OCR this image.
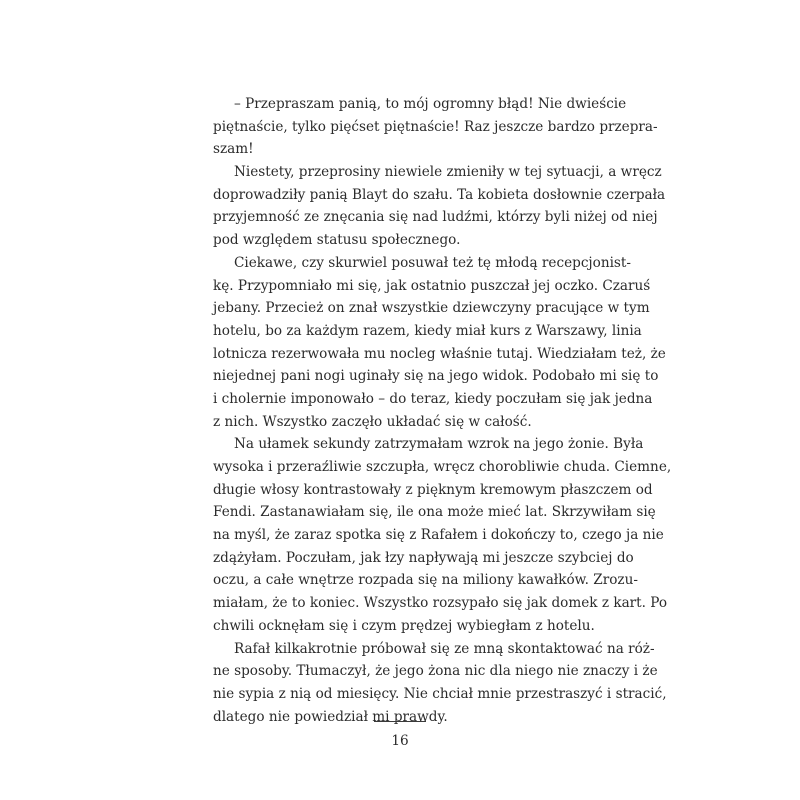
– Przepraszam panią, to mój ogromny błąd! Nie dwieście
piętnaście, tylko pięćset piętnaście! Raz jeszcze bardzo przepra-
szam!
Niestety, przeprosiny niewiele zmieniły w tej sytuacji, a wręcz
doprowadziły panią Blayt do szału. Ta kobieta dosłownie czerpała
przyjemność ze znęcania się nad ludźmi, którzy byli niżej od niej
pod względem statusu społecznego.
Ciekawe, czy skurwiel posuwał też tę młodą recepcjonist-
kę. Przypomniało mi się, jak ostatnio puszczał jej oczko. Czaruś
jebany. Przecież on znał wszystkie dziewczyny pracujące w tym
hotelu, bo za każdym razem, kiedy miał kurs z Warszawy, linia
lotnicza rezerwowała mu nocleg właśnie tutaj. Wiedziałam też, że
niejednej pani nogi uginały się na jego widok. Podobało mi się to
i cholernie imponowało – do teraz, kiedy poczułam się jak jedna
z nich. Wszystko zaczęło układać się w całość.
Na ułamek sekundy zatrzymałam wzrok na jego żonie. Była
wysoka i przeraźliwie szczupła, wręcz chorobliwie chuda. Ciemne,
długie włosy kontrastowały z pięknym kremowym płaszczem od
Fendi. Zastanawiałam się, ile ona może mieć lat. Skrzywiłam się
na myśl, że zaraz spotka się z Rafałem i dokończy to, czego ja nie
zdążyłam. Poczułam, jak łzy napływają mi jeszcze szybciej do
oczu, a całe wnętrze rozpada się na miliony kawałków. Zrozu-
miałam, że to koniec. Wszystko rozsypało się jak domek z kart. Po
chwili ocknęłam się i czym prędzej wybiegłam z hotelu.
Rafał kilkakrotnie próbował się ze mną skontaktować na róż-
ne sposoby. Tłumaczył, że jego żona nic dla niego nie znaczy i że
nie sypia z nią od miesięcy. Nie chciał mnie przestraszyć i stracić,
dlatego nie powiedział mi prawdy.
16
